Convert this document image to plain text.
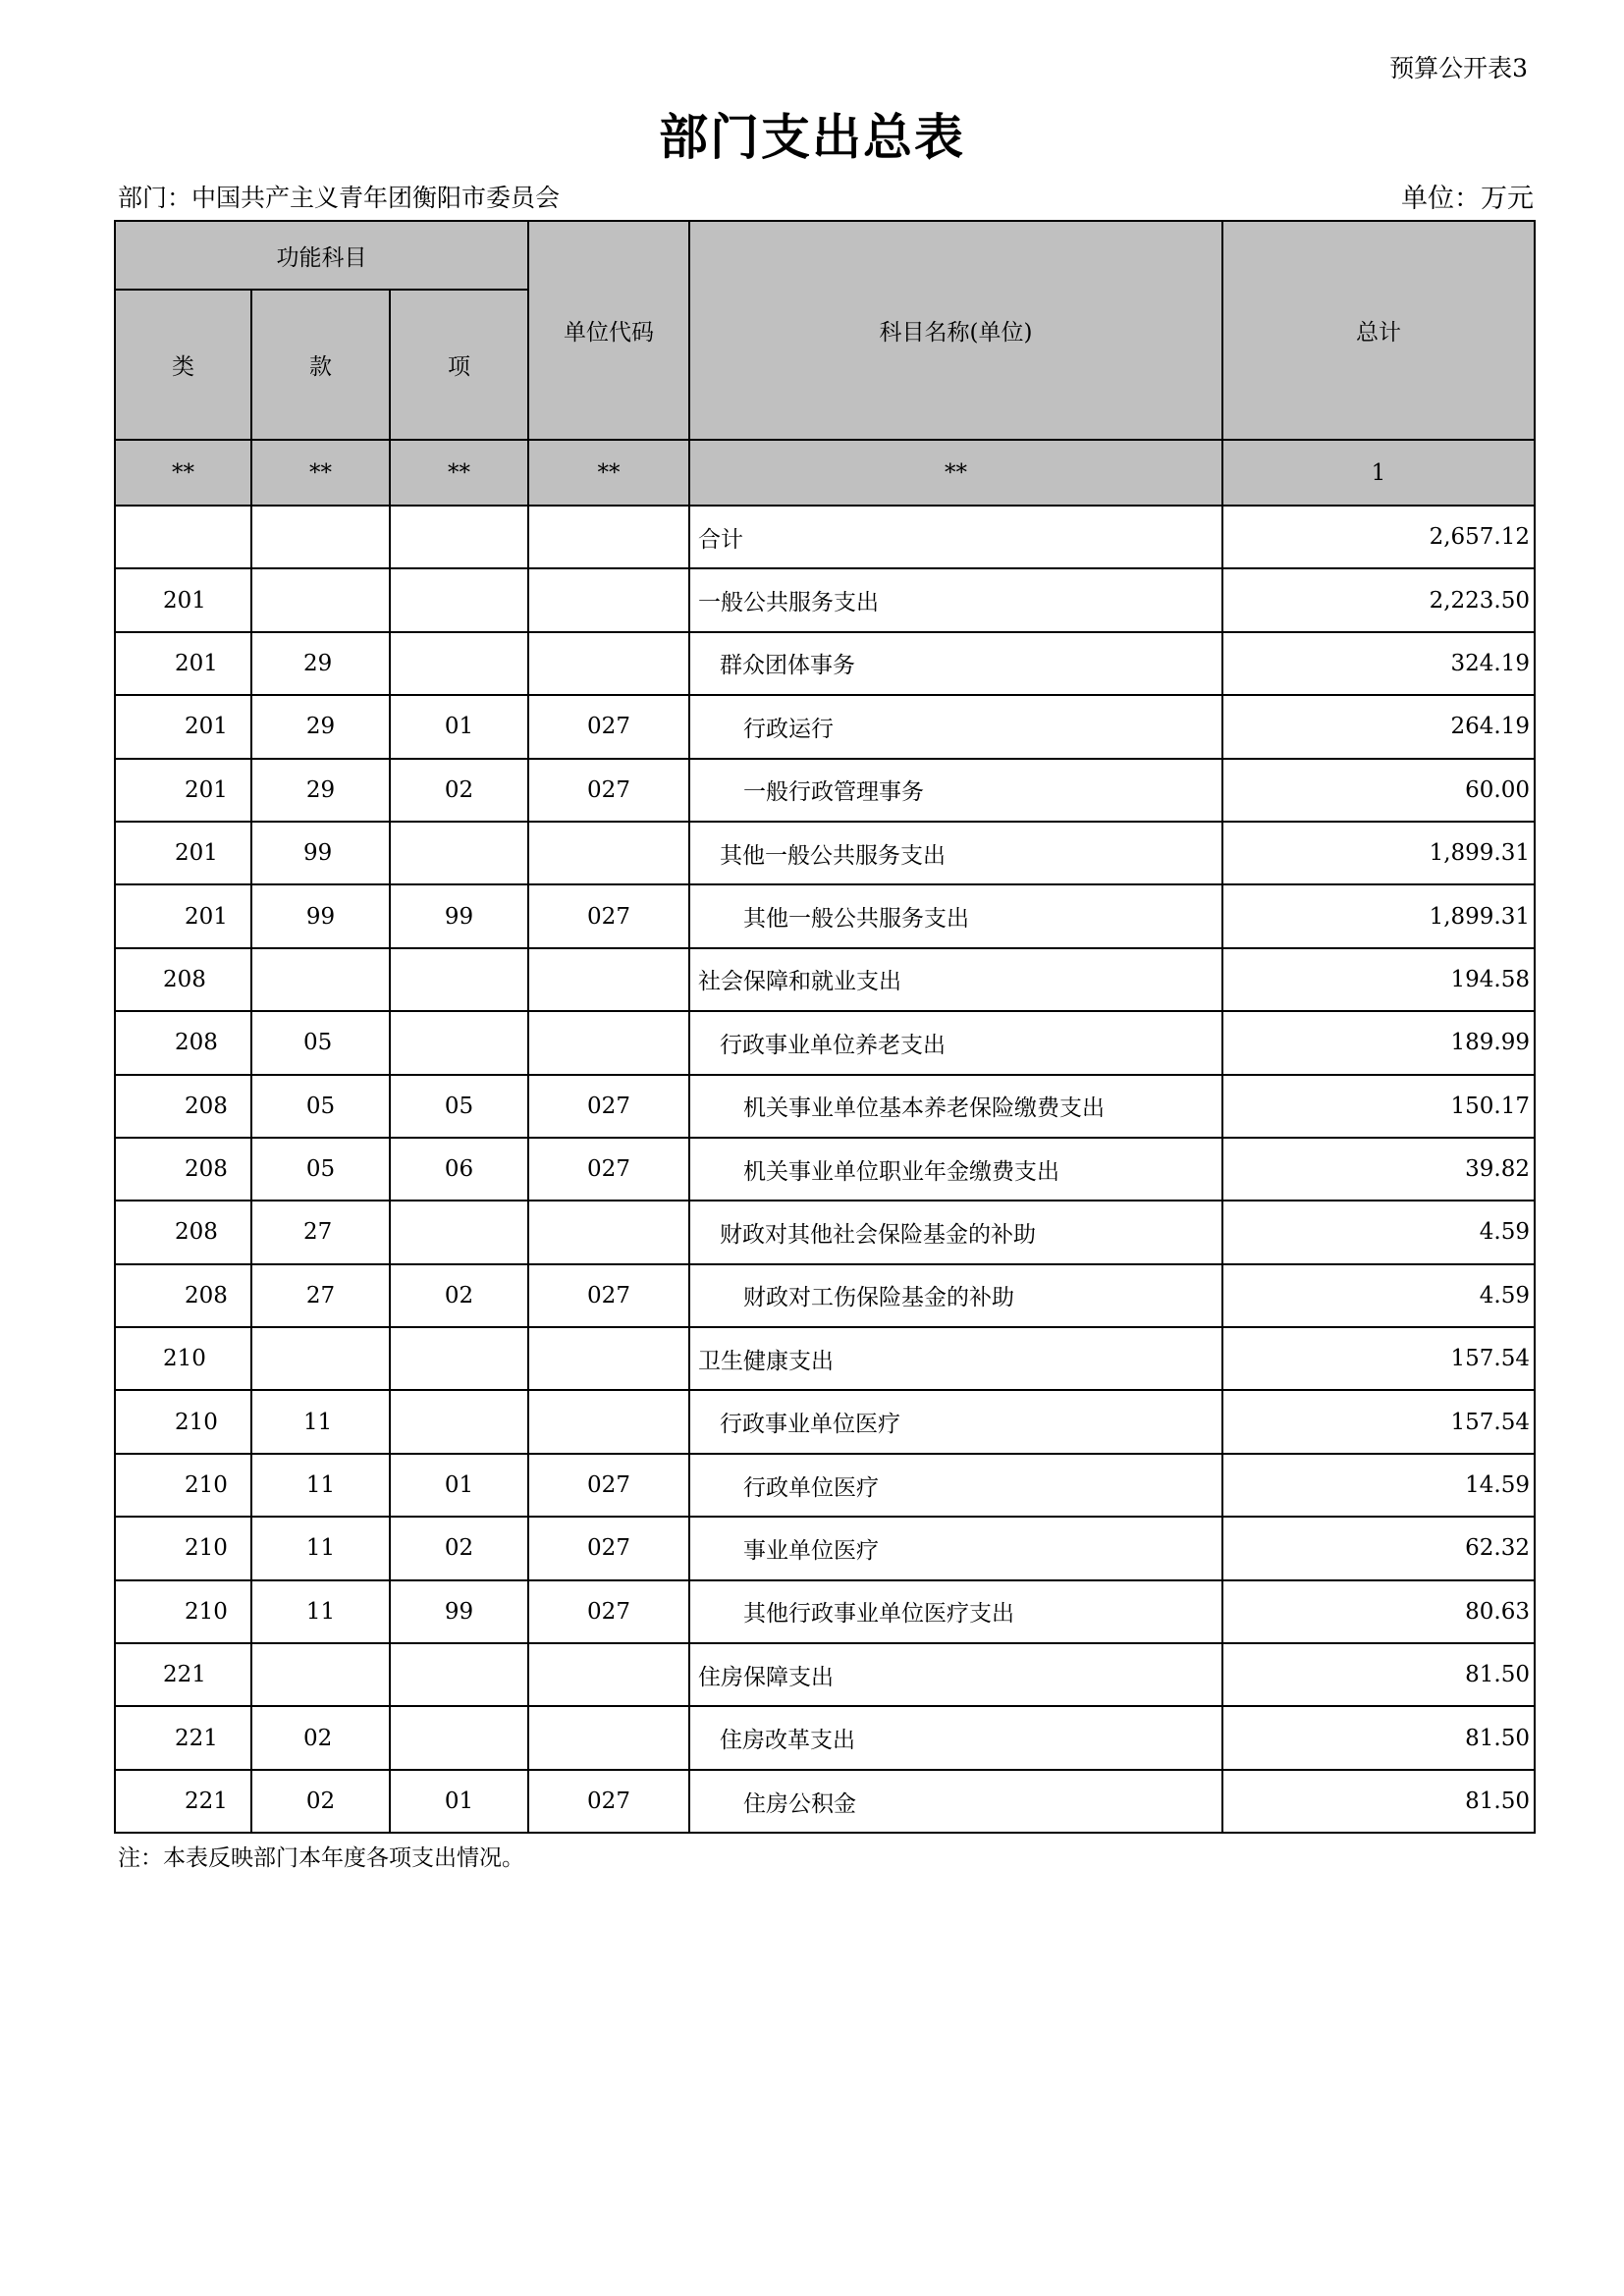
预算公开表3
部门支出总表
部门：中国共产主义青年团衡阳市委员会	单位：万元
功能科目			单位代码	科目名称(单位)	总计
类	款	项			
**	**	**	**	**	1
				合计	2,657.12
201				一般公共服务支出	2,223.50
201	29			群众团体事务	324.19
201	29	01	027	行政运行	264.19
201	29	02	027	一般行政管理事务	60.00
201	99			其他一般公共服务支出	1,899.31
201	99	99	027	其他一般公共服务支出	1,899.31
208				社会保障和就业支出	194.58
208	05			行政事业单位养老支出	189.99
208	05	05	027	机关事业单位基本养老保险缴费支出	150.17
208	05	06	027	机关事业单位职业年金缴费支出	39.82
208	27			财政对其他社会保险基金的补助	4.59
208	27	02	027	财政对工伤保险基金的补助	4.59
210				卫生健康支出	157.54
210	11			行政事业单位医疗	157.54
210	11	01	027	行政单位医疗	14.59
210	11	02	027	事业单位医疗	62.32
210	11	99	027	其他行政事业单位医疗支出	80.63
221				住房保障支出	81.50
221	02			住房改革支出	81.50
221	02	01	027	住房公积金	81.50
注：本表反映部门本年度各项支出情况。
